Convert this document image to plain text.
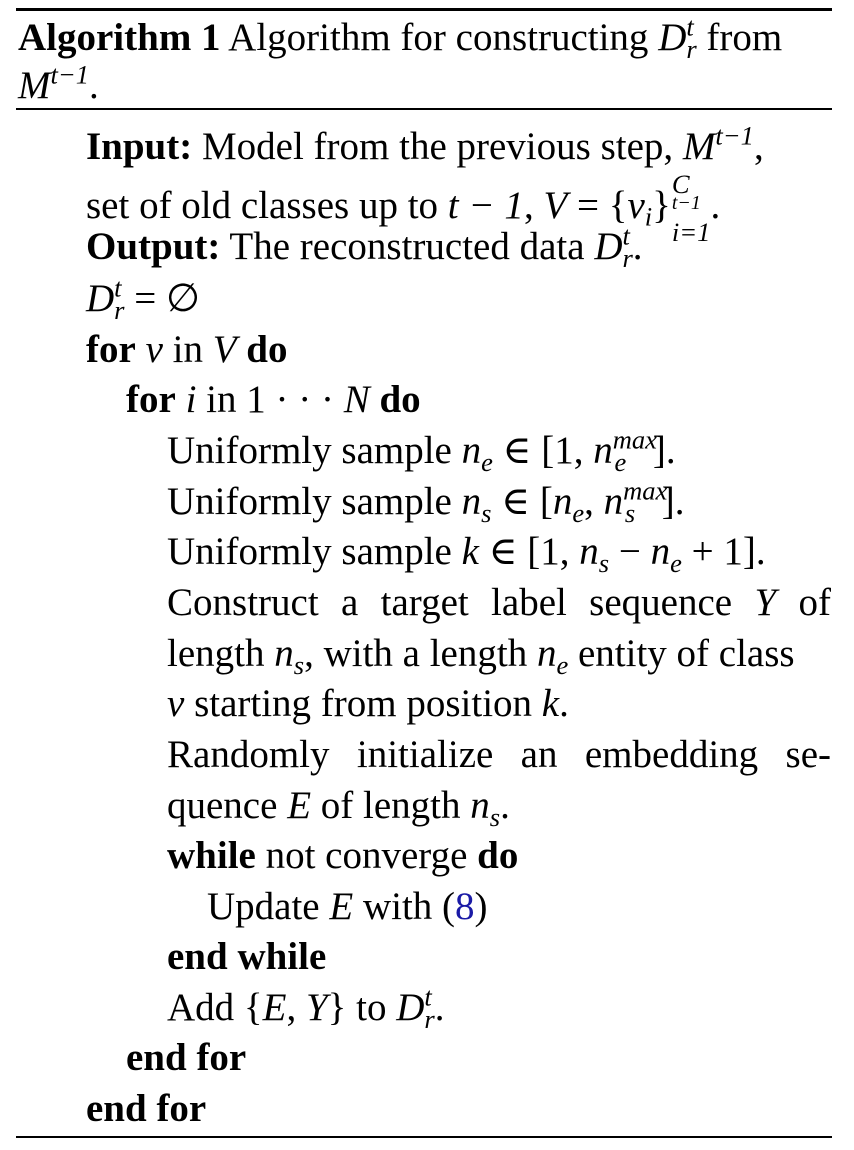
Algorithm 1 Algorithm for constructing $D^t_r$ from
$M^{t-1}$.
Input: Model from the previous step, $M^{t-1}$,
set of old classes up to t − 1, $V = \{v_i\}$ C
$^{t-1}$
i=1
.
Output: The reconstructed data $D^t_r$.
$D^t_r$ = ∅
for v in V do
for i in 1 · · · N do
Uniformly sample $n_e$ ∈ [1, $n^{max}_e$ ].
Uniformly sample $n_s$ ∈ [$n_e$, $n^{max}_s$ ].
Uniformly sample k ∈ [1, $n_s - n_e + 1$].
Construct a target label sequence Y of
length $n_s$, with a length $n_e$ entity of class
v starting from position k.
Randomly initialize an embedding se-
quence E of length $n_s$.
while not converge do
Update E with (8)
end while
Add {E, Y} to $D^t_r$.
end for
end for
